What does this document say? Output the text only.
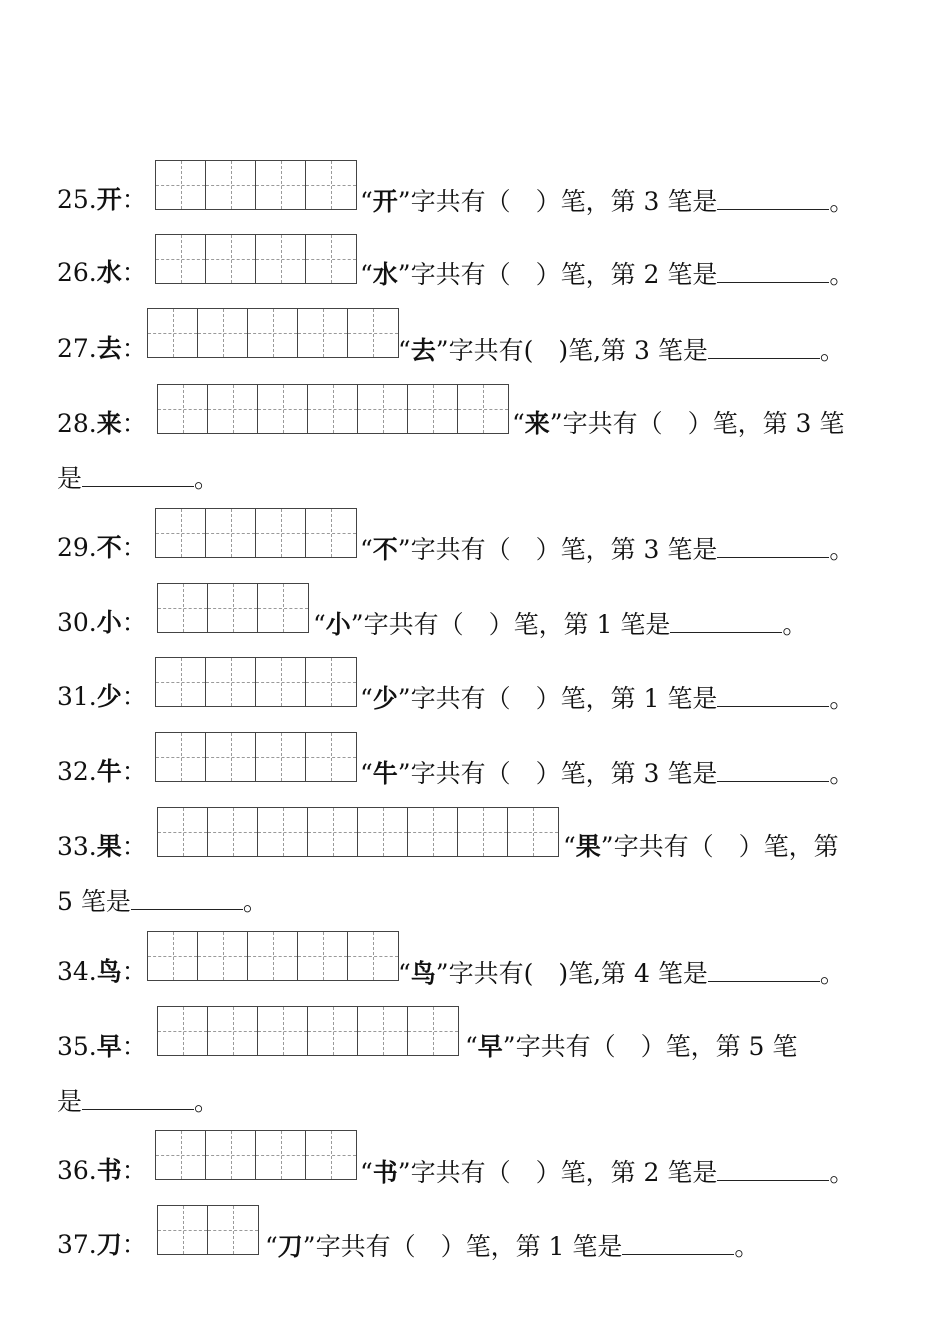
25.开：	“开”字共有（　）笔，第 3 笔是	。
26.水：	“水”字共有（　）笔，第 2 笔是	。
27.去：	“去”字共有(　)笔,第 3 笔是	。
28.来：	“来”字共有（　）笔，第 3 笔
是	。
29.不：	“不”字共有（　）笔，第 3 笔是	。
30.小：	“小”字共有（　）笔，第 1 笔是	。
31.少：	“少”字共有（　）笔，第 1 笔是	。
32.牛：	“牛”字共有（　）笔，第 3 笔是	。
33.果：	“果”字共有（　）笔，第
5 笔是	。
34.鸟：	“鸟”字共有(　)笔,第 4 笔是	。
35.早：	“早”字共有（　）笔，第 5 笔
是	。
36.书：	“书”字共有（　）笔，第 2 笔是	。
37.刀：	“刀”字共有（　）笔，第 1 笔是	。
